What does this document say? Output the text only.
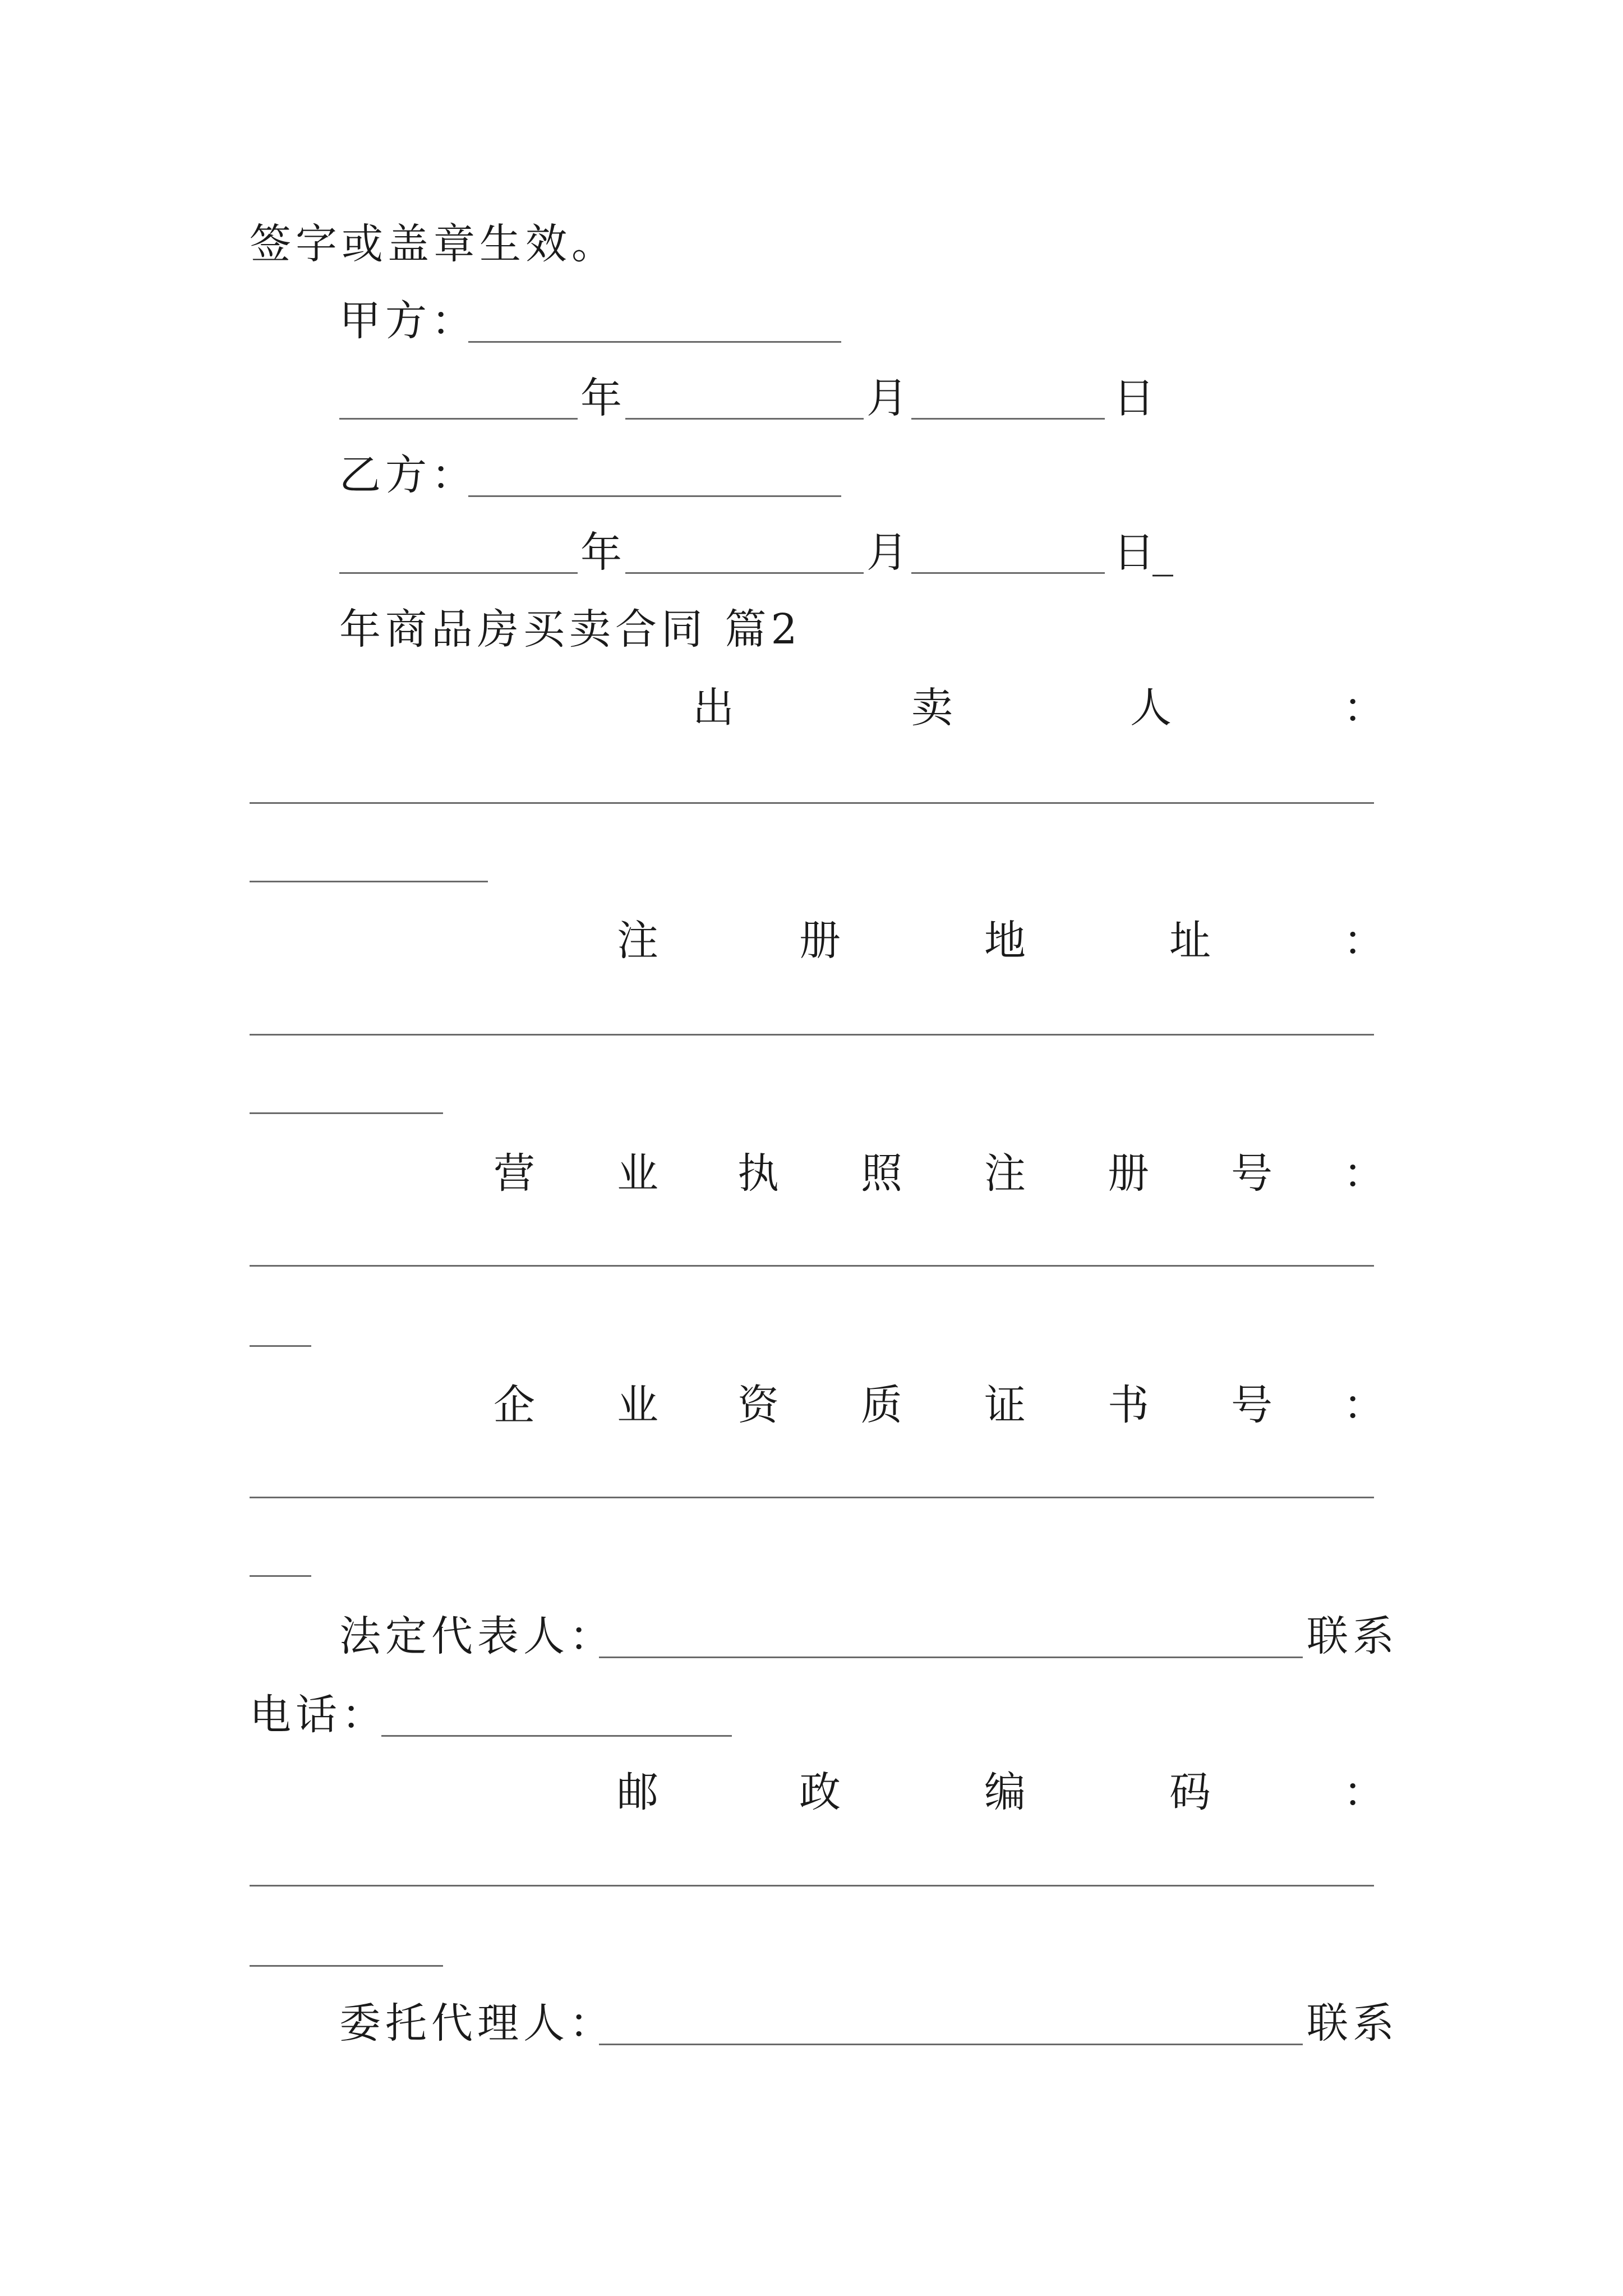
签字或盖章生效。
甲方：
年	月	日
乙方：
年	月	日
_
年商品房买卖合同 篇2
出	卖	人	：
注	册	地	址	：
营 业 执 照 注 册 号 ：
企 业 资 质 证 书 号 ：
法定代表人：	联系
电话：
邮	政	编	码	：
委托代理人：	联系
